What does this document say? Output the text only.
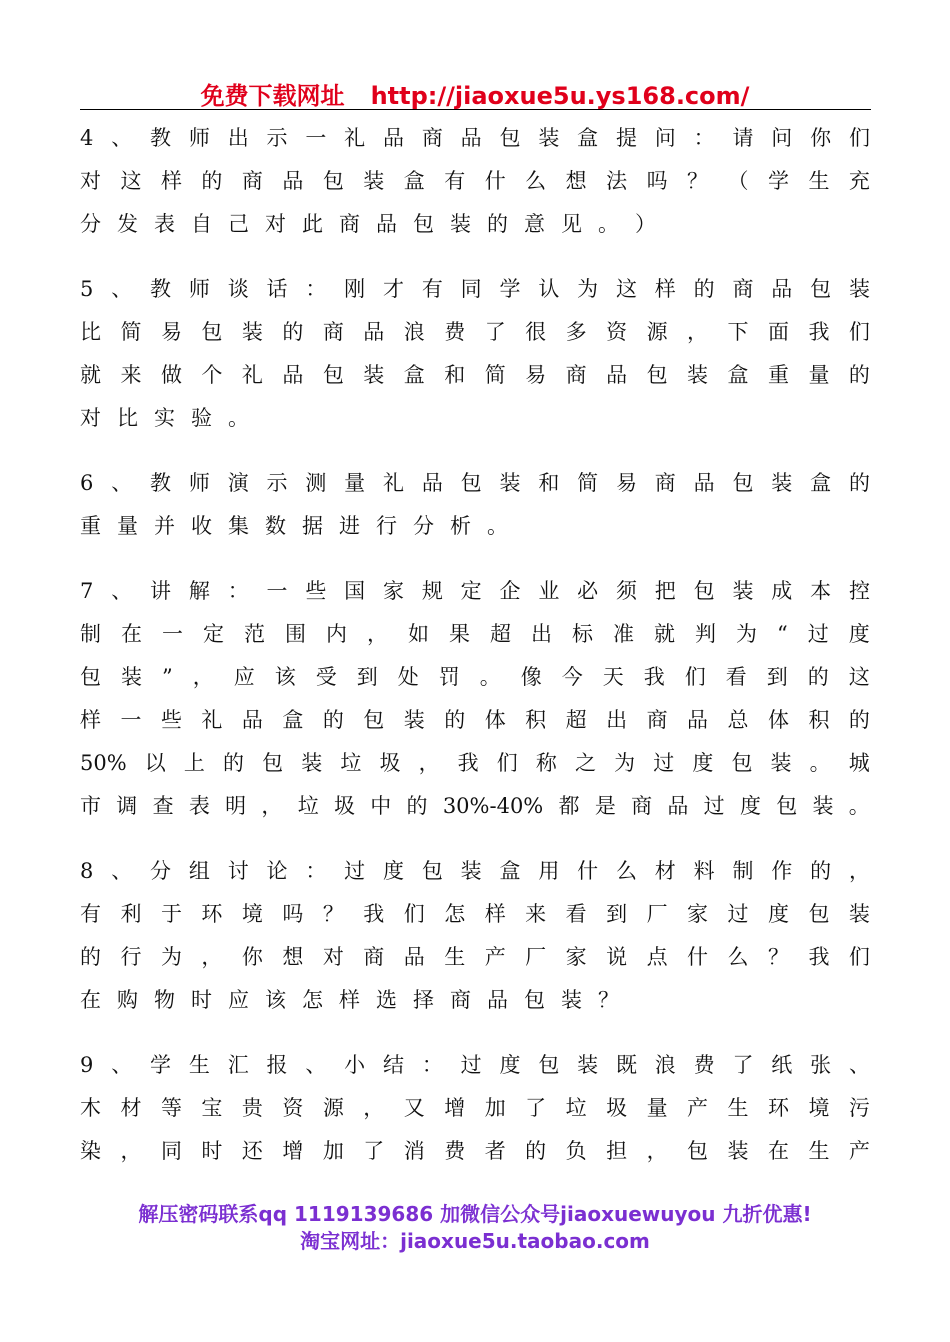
免费下载网址 http://jiaoxue5u.ys168.com/
4 、 教 师 出 示 一 礼 品 商 品 包 装 盒 提 问 ： 请 问 你 们
对 这 样 的 商 品 包 装 盒 有 什 么 想 法 吗 ？ （ 学 生 充
分 发 表 自 己 对 此 商 品 包 装 的 意 见 。 ）
5 、 教 师 谈 话 ： 刚 才 有 同 学 认 为 这 样 的 商 品 包 装
比 简 易 包 装 的 商 品 浪 费 了 很 多 资 源 ， 下 面 我 们
就 来 做 个 礼 品 包 装 盒 和 简 易 商 品 包 装 盒 重 量 的
对 比 实 验 。
6 、 教 师 演 示 测 量 礼 品 包 装 和 简 易 商 品 包 装 盒 的
重 量 并 收 集 数 据 进 行 分 析 。
7 、 讲 解 ： 一 些 国 家 规 定 企 业 必 须 把 包 装 成 本 控
制 在 一 定 范 围 内 ， 如 果 超 出 标 准 就 判 为 “ 过 度
包 装 ” ， 应 该 受 到 处 罚 。 像 今 天 我 们 看 到 的 这
样 一 些 礼 品 盒 的 包 装 的 体 积 超 出 商 品 总 体 积 的
50% 以 上 的 包 装 垃 圾 ， 我 们 称 之 为 过 度 包 装 。 城
市 调 查 表 明 ， 垃 圾 中 的 30%-40% 都 是 商 品 过 度 包 装 。
8 、 分 组 讨 论 ： 过 度 包 装 盒 用 什 么 材 料 制 作 的 ，
有 利 于 环 境 吗 ？ 我 们 怎 样 来 看 到 厂 家 过 度 包 装
的 行 为 ， 你 想 对 商 品 生 产 厂 家 说 点 什 么 ？ 我 们
在 购 物 时 应 该 怎 样 选 择 商 品 包 装 ？
9 、 学 生 汇 报 、 小 结 ： 过 度 包 装 既 浪 费 了 纸 张 、
木 材 等 宝 贵 资 源 ， 又 增 加 了 垃 圾 量 产 生 环 境 污
染 ， 同 时 还 增 加 了 消 费 者 的 负 担 ， 包 装 在 生 产
解压密码联系qq 1119139686 加微信公众号jiaoxuewuyou 九折优惠!
淘宝网址：jiaoxue5u.taobao.com
